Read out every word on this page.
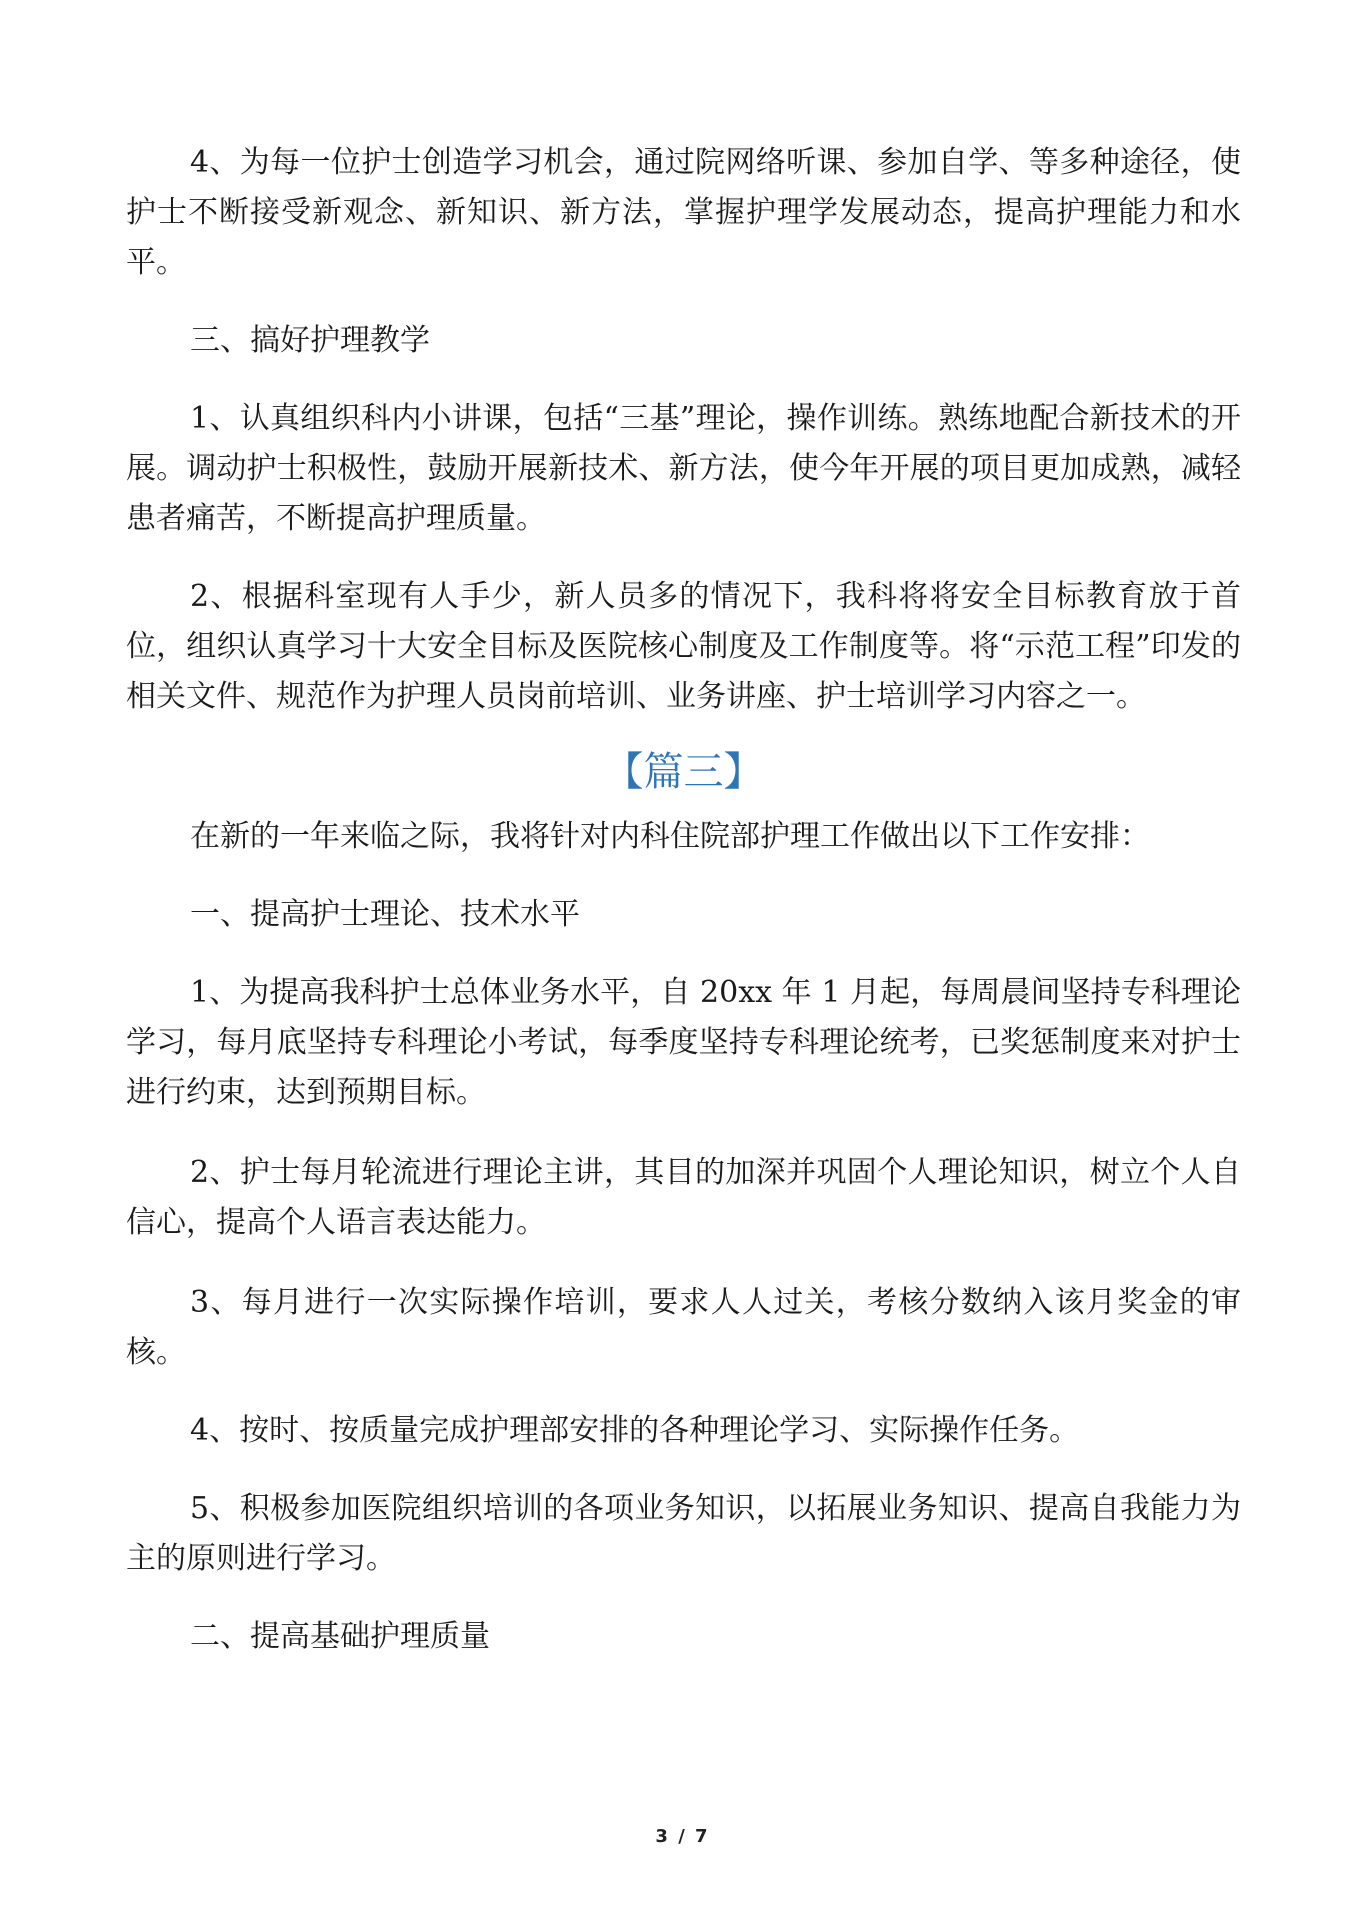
4、为每一位护士创造学习机会，通过院网络听课、参加自学、等多种途径，使护士不断接受新观念、新知识、新方法，掌握护理学发展动态，提高护理能力和水平。

三、搞好护理教学

1、认真组织科内小讲课，包括“三基”理论，操作训练。熟练地配合新技术的开展。调动护士积极性，鼓励开展新技术、新方法，使今年开展的项目更加成熟，减轻患者痛苦，不断提高护理质量。

2、根据科室现有人手少，新人员多的情况下，我科将将安全目标教育放于首位，组织认真学习十大安全目标及医院核心制度及工作制度等。将“示范工程”印发的相关文件、规范作为护理人员岗前培训、业务讲座、护士培训学习内容之一。

【篇三】

在新的一年来临之际，我将针对内科住院部护理工作做出以下工作安排：

一、提高护士理论、技术水平

1、为提高我科护士总体业务水平，自 20xx 年 1 月起，每周晨间坚持专科理论学习，每月底坚持专科理论小考试，每季度坚持专科理论统考，已奖惩制度来对护士进行约束，达到预期目标。

2、护士每月轮流进行理论主讲，其目的加深并巩固个人理论知识，树立个人自信心，提高个人语言表达能力。

3、每月进行一次实际操作培训，要求人人过关，考核分数纳入该月奖金的审核。

4、按时、按质量完成护理部安排的各种理论学习、实际操作任务。

5、积极参加医院组织培训的各项业务知识，以拓展业务知识、提高自我能力为主的原则进行学习。

二、提高基础护理质量

3 / 7
